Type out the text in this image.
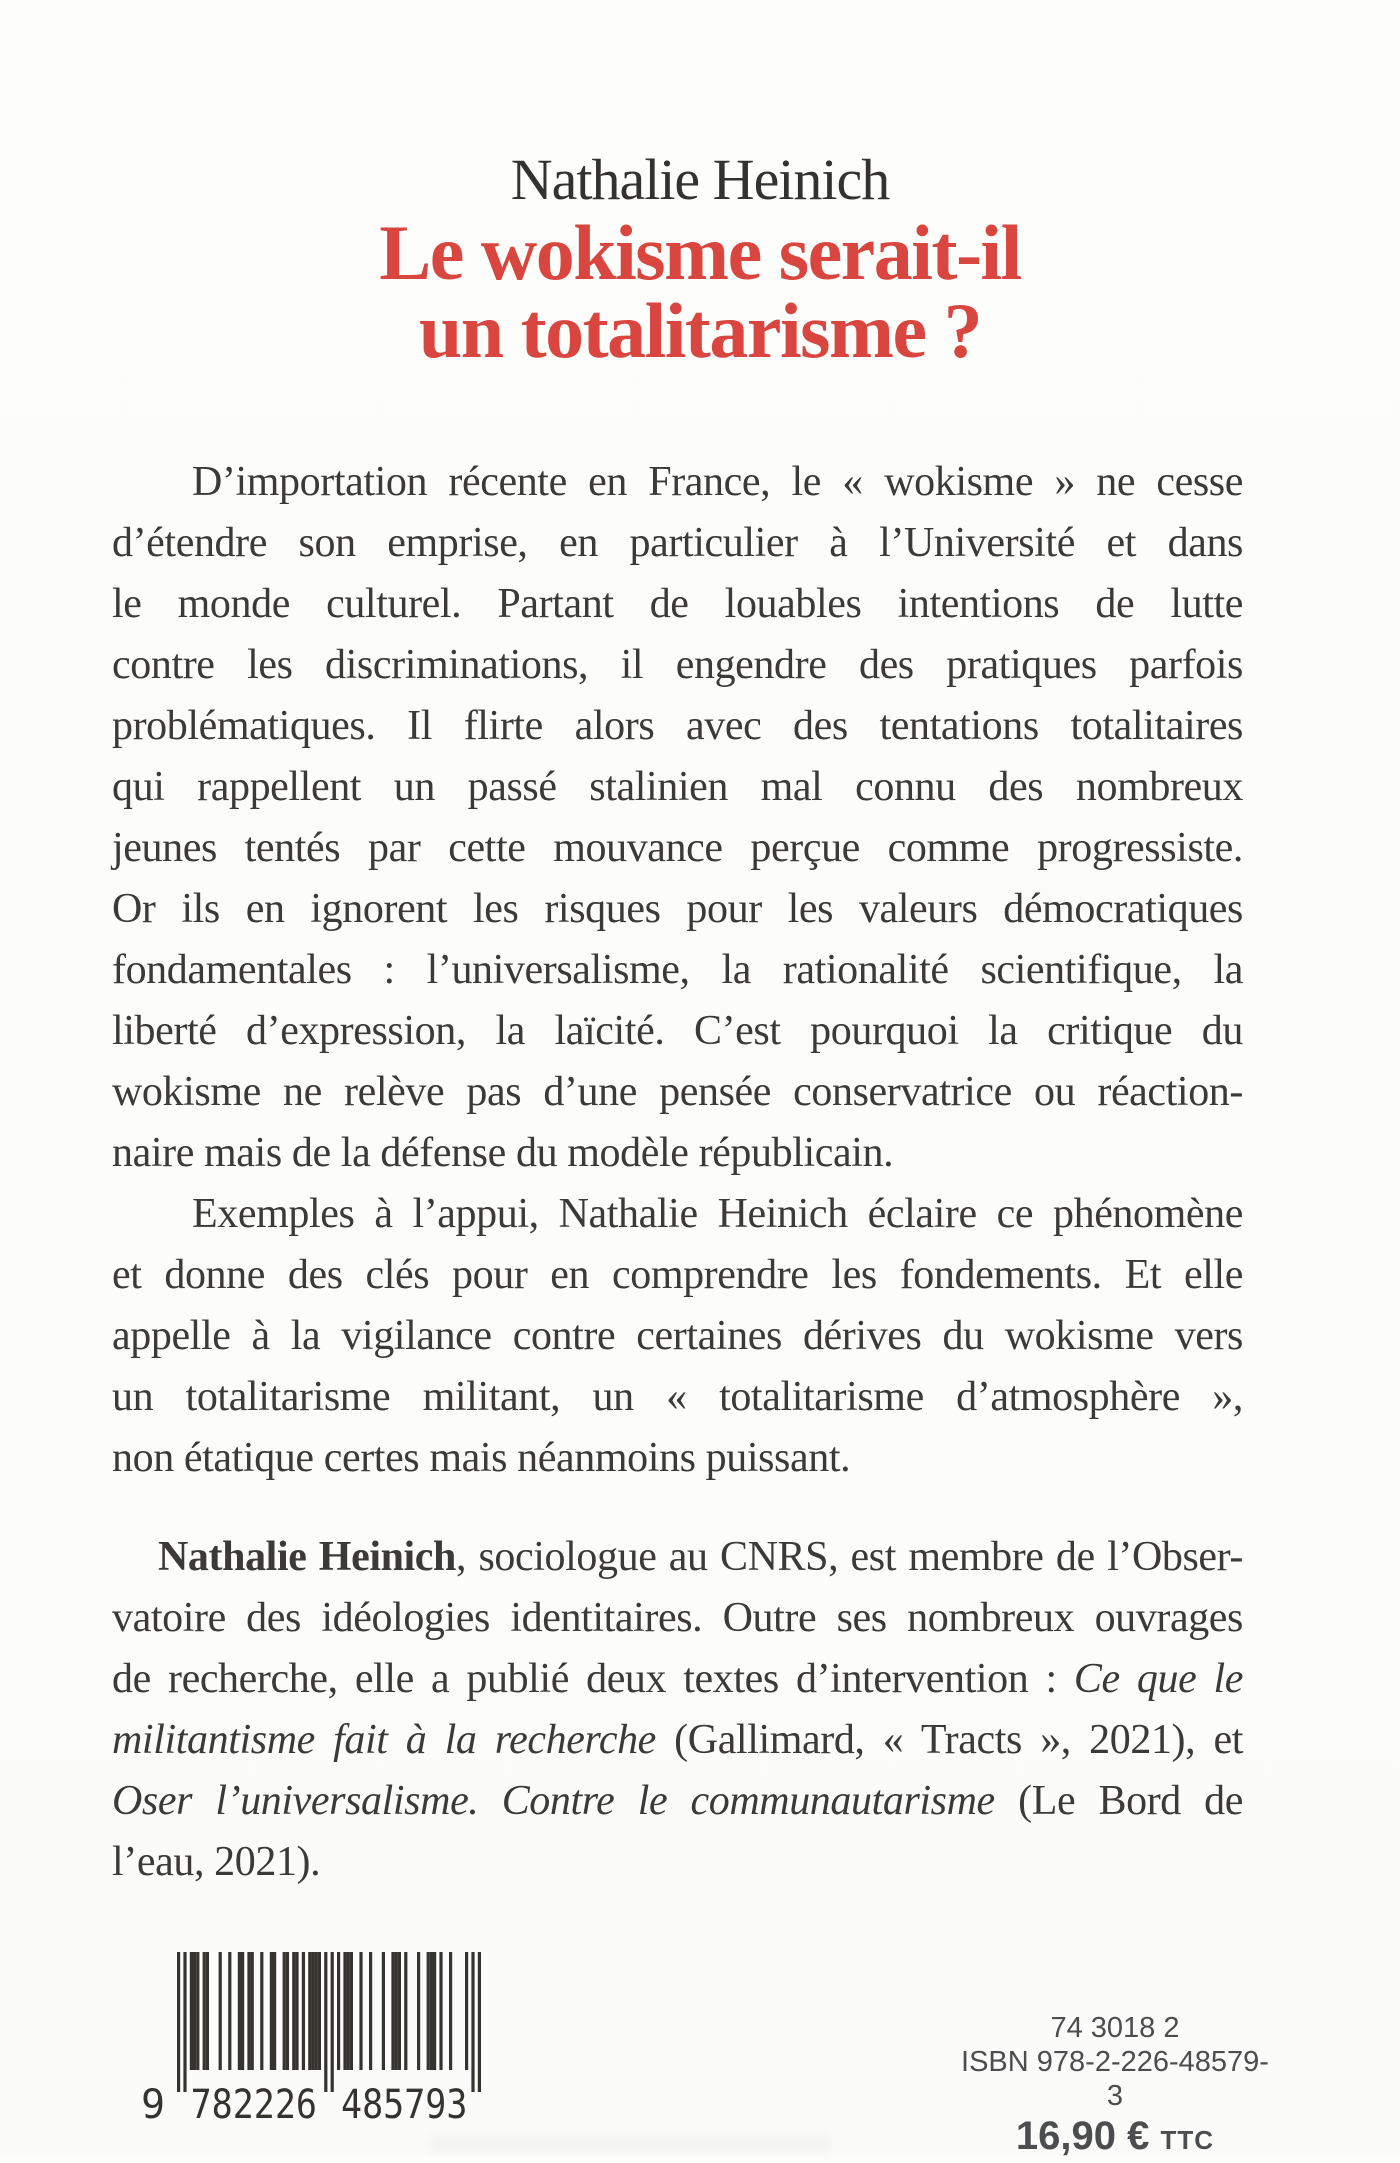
Nathalie Heinich
Le wokisme serait-il
un totalitarisme ?
D’importation récente en France, le « wokisme » ne cesse
d’étendre son emprise, en particulier à l’Université et dans
le monde culturel. Partant de louables intentions de lutte
contre les discriminations, il engendre des pratiques parfois
problématiques. Il flirte alors avec des tentations totalitaires
qui rappellent un passé stalinien mal connu des nombreux
jeunes tentés par cette mouvance perçue comme progressiste.
Or ils en ignorent les risques pour les valeurs démocratiques
fondamentales : l’universalisme, la rationalité scientifique, la
liberté d’expression, la laïcité. C’est pourquoi la critique du
wokisme ne relève pas d’une pensée conservatrice ou réaction-
naire mais de la défense du modèle républicain.
Exemples à l’appui, Nathalie Heinich éclaire ce phénomène
et donne des clés pour en comprendre les fondements. Et elle
appelle à la vigilance contre certaines dérives du wokisme vers
un totalitarisme militant, un « totalitarisme d’atmosphère »,
non étatique certes mais néanmoins puissant.
Nathalie Heinich, sociologue au CNRS, est membre de l’Obser-
vatoire des idéologies identitaires. Outre ses nombreux ouvrages
de recherche, elle a publié deux textes d’intervention : Ce que le
militantisme fait à la recherche (Gallimard, « Tracts », 2021), et
Oser l’universalisme. Contre le communautarisme (Le Bord de
l’eau, 2021).
9 782226 485793
74 3018 2
ISBN 978-2-226-48579-3
16,90 € TTC
